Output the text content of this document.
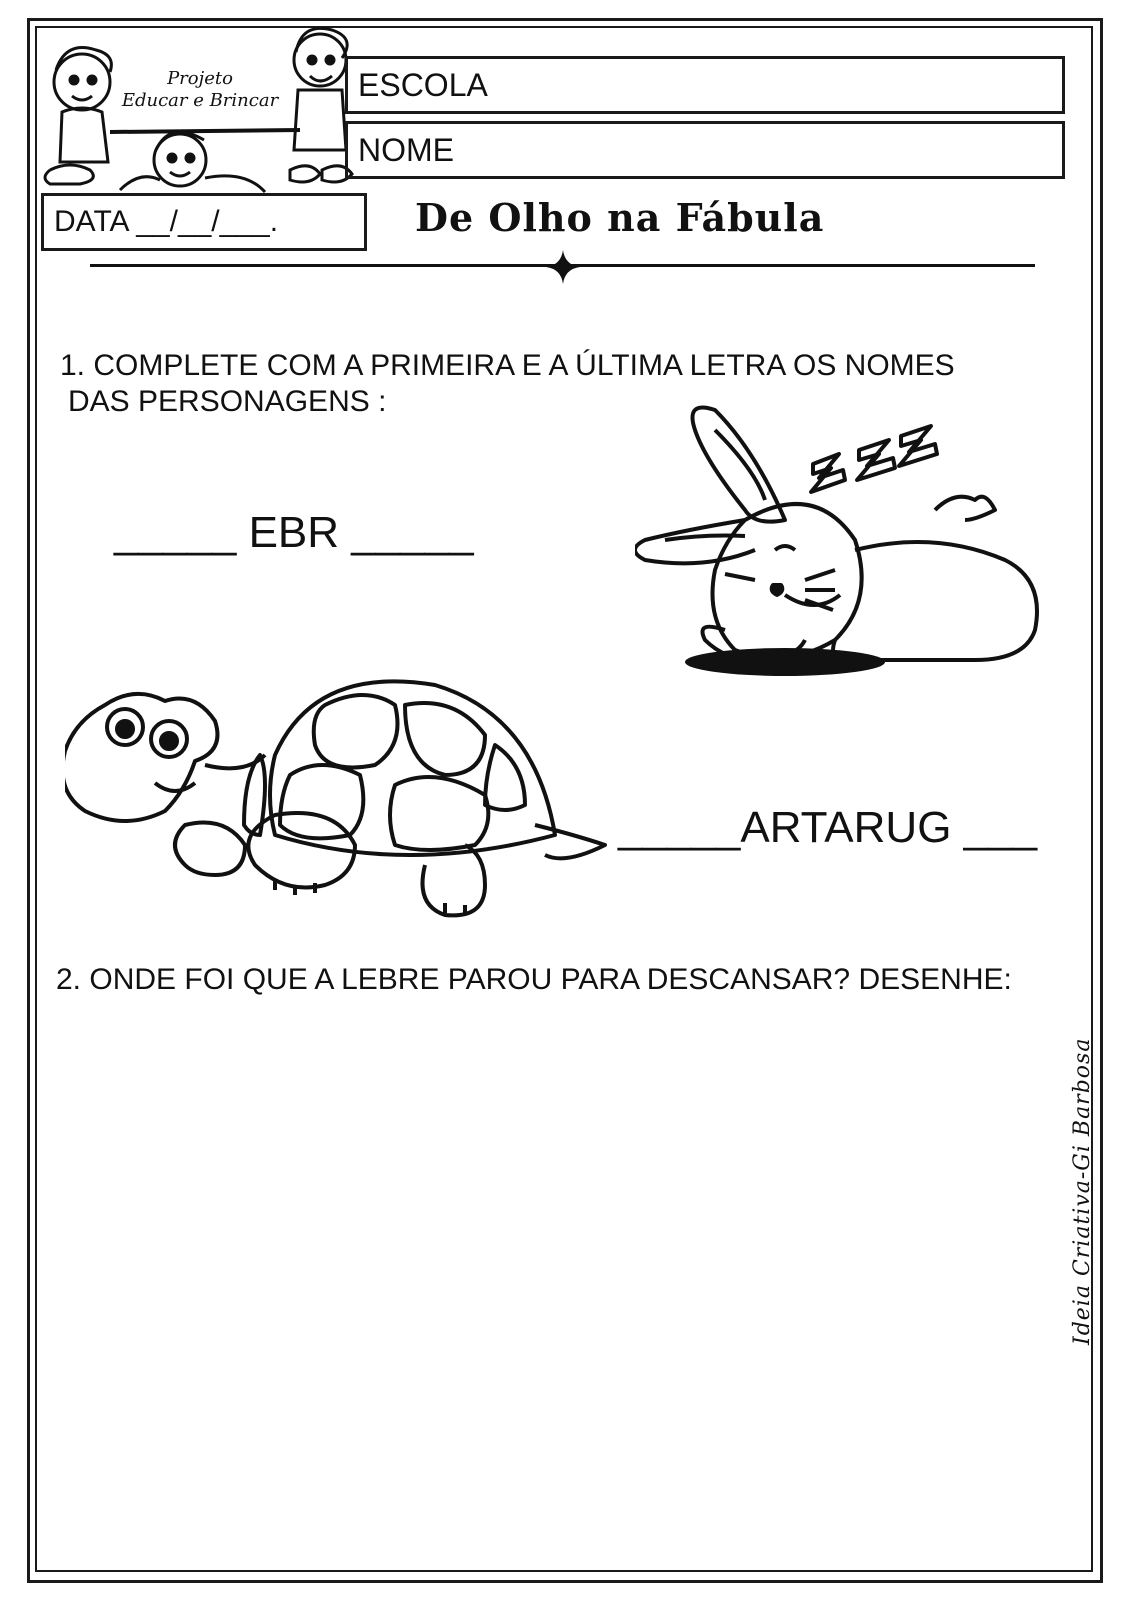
Projeto
Educar e Brincar	ESCOLA
NOME
DATA __/__/___.	De Olho na Fábula
1. COMPLETE COM A PRIMEIRA E A ÚLTIMA LETRA OS NOMES
DAS PERSONAGENS :
_____ EBR _____
_____ARTARUG ___
2. ONDE FOI QUE A LEBRE PAROU PARA DESCANSAR? DESENHE:
Ideia Criativa-Gi Barbosa
